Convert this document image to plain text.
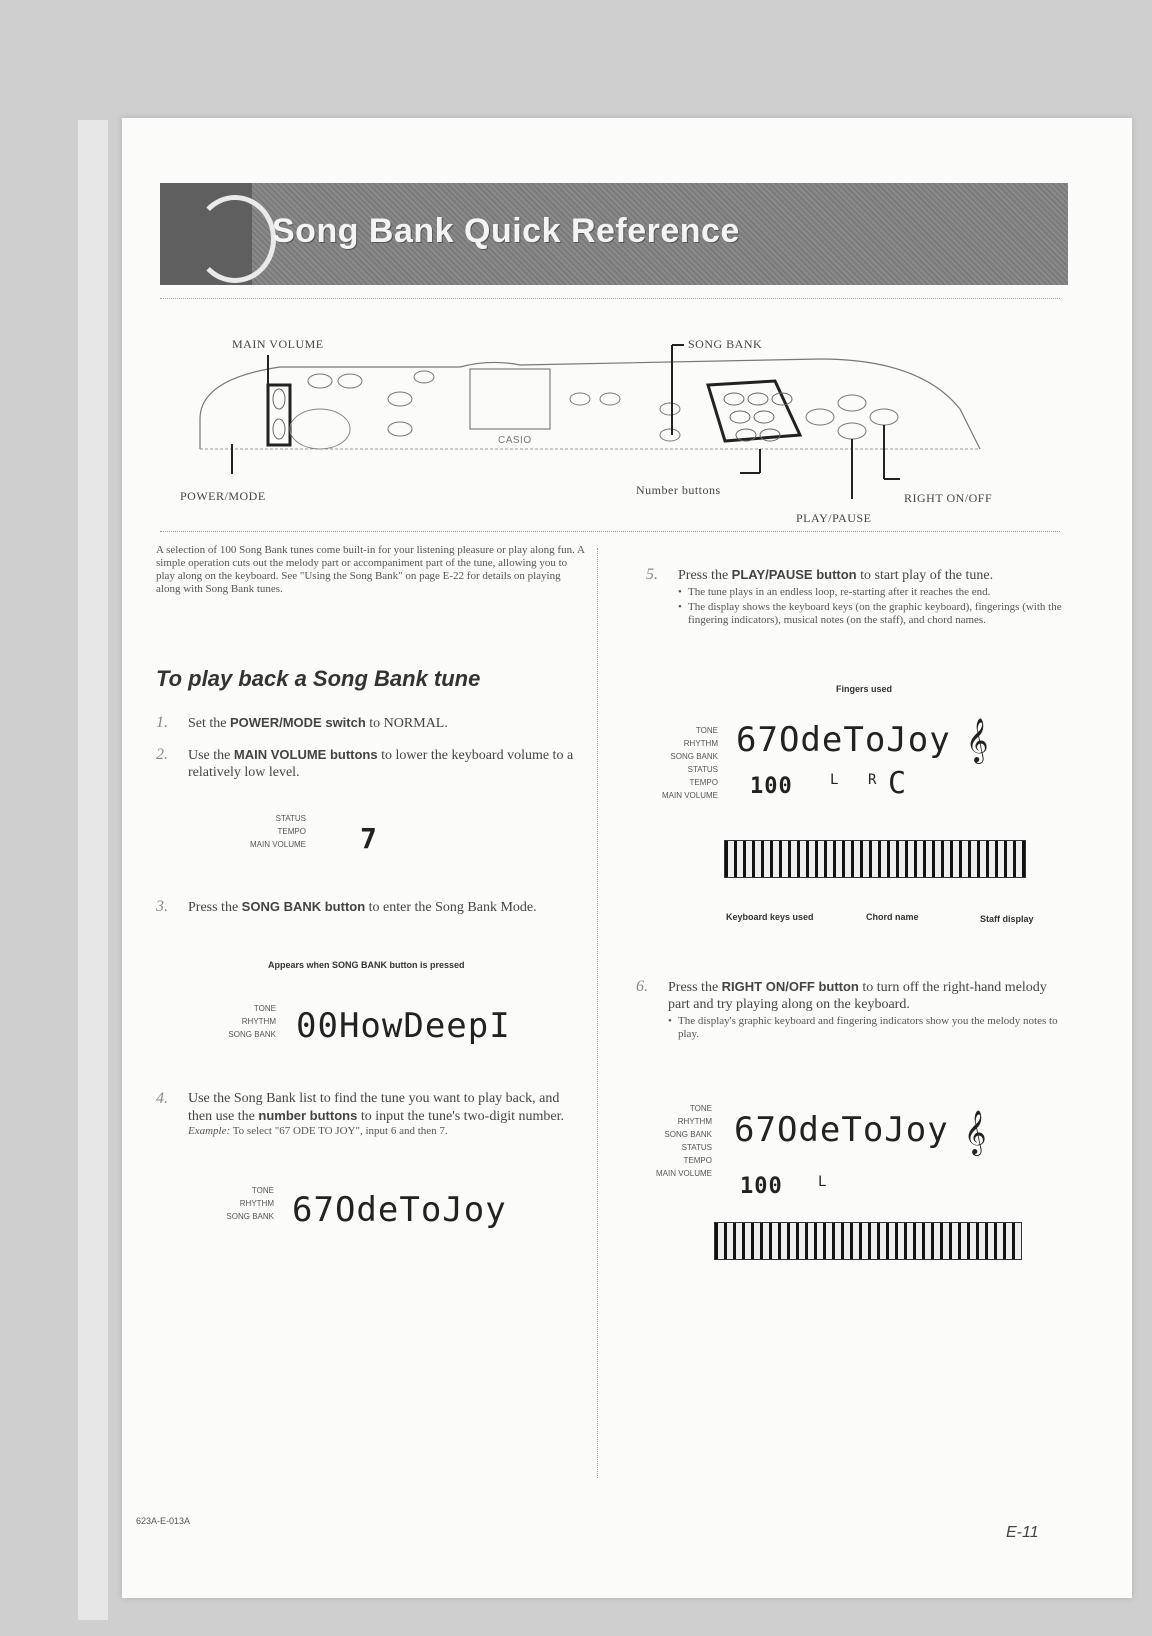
Song Bank Quick Reference
MAIN VOLUME	SONG BANK
POWER/MODE	Number buttons
RIGHT ON/OFF
PLAY/PAUSE
CASIO
A selection of 100 Song Bank tunes come built-in for your listening pleasure or play along fun. A simple operation cuts out the melody part or accompaniment part of the tune, allowing you to play along on the keyboard. See "Using the Song Bank" on page E-22 for details on playing along with Song Bank tunes.
To play back a Song Bank tune
1. Set the POWER/MODE switch to NORMAL.
2. Use the MAIN VOLUME buttons to lower the keyboard volume to a relatively low level.
STATUS
TEMPO
MAIN VOLUME 7
3. Press the SONG BANK button to enter the Song Bank Mode.
Appears when SONG BANK button is pressed
TONE
RHYTHM
SONG BANK 00HowDeepI
4. Use the Song Bank list to find the tune you want to play back, and then use the number buttons to input the tune's two-digit number.
Example: To select "67 ODE TO JOY", input 6 and then 7.
TONE
RHYTHM
SONG BANK 67OdeToJoy
5. Press the PLAY/PAUSE button to start play of the tune.
• The tune plays in an endless loop, re-starting after it reaches the end.
• The display shows the keyboard keys (on the graphic keyboard), fingerings (with the fingering indicators), musical notes (on the staff), and chord names.
Fingers used
TONE
RHYTHM
SONG BANK
STATUS
TEMPO
MAIN VOLUME
67OdeToJoy 𝄞
100	L R C
Keyboard keys used	Chord name	Staff display
6. Press the RIGHT ON/OFF button to turn off the right-hand melody part and try playing along on the keyboard.
• The display's graphic keyboard and fingering indicators show you the melody notes to play.
TONE
RHYTHM
SONG BANK
STATUS
TEMPO
MAIN VOLUME
67OdeToJoy 𝄞
100	L
623A-E-013A
E-11
